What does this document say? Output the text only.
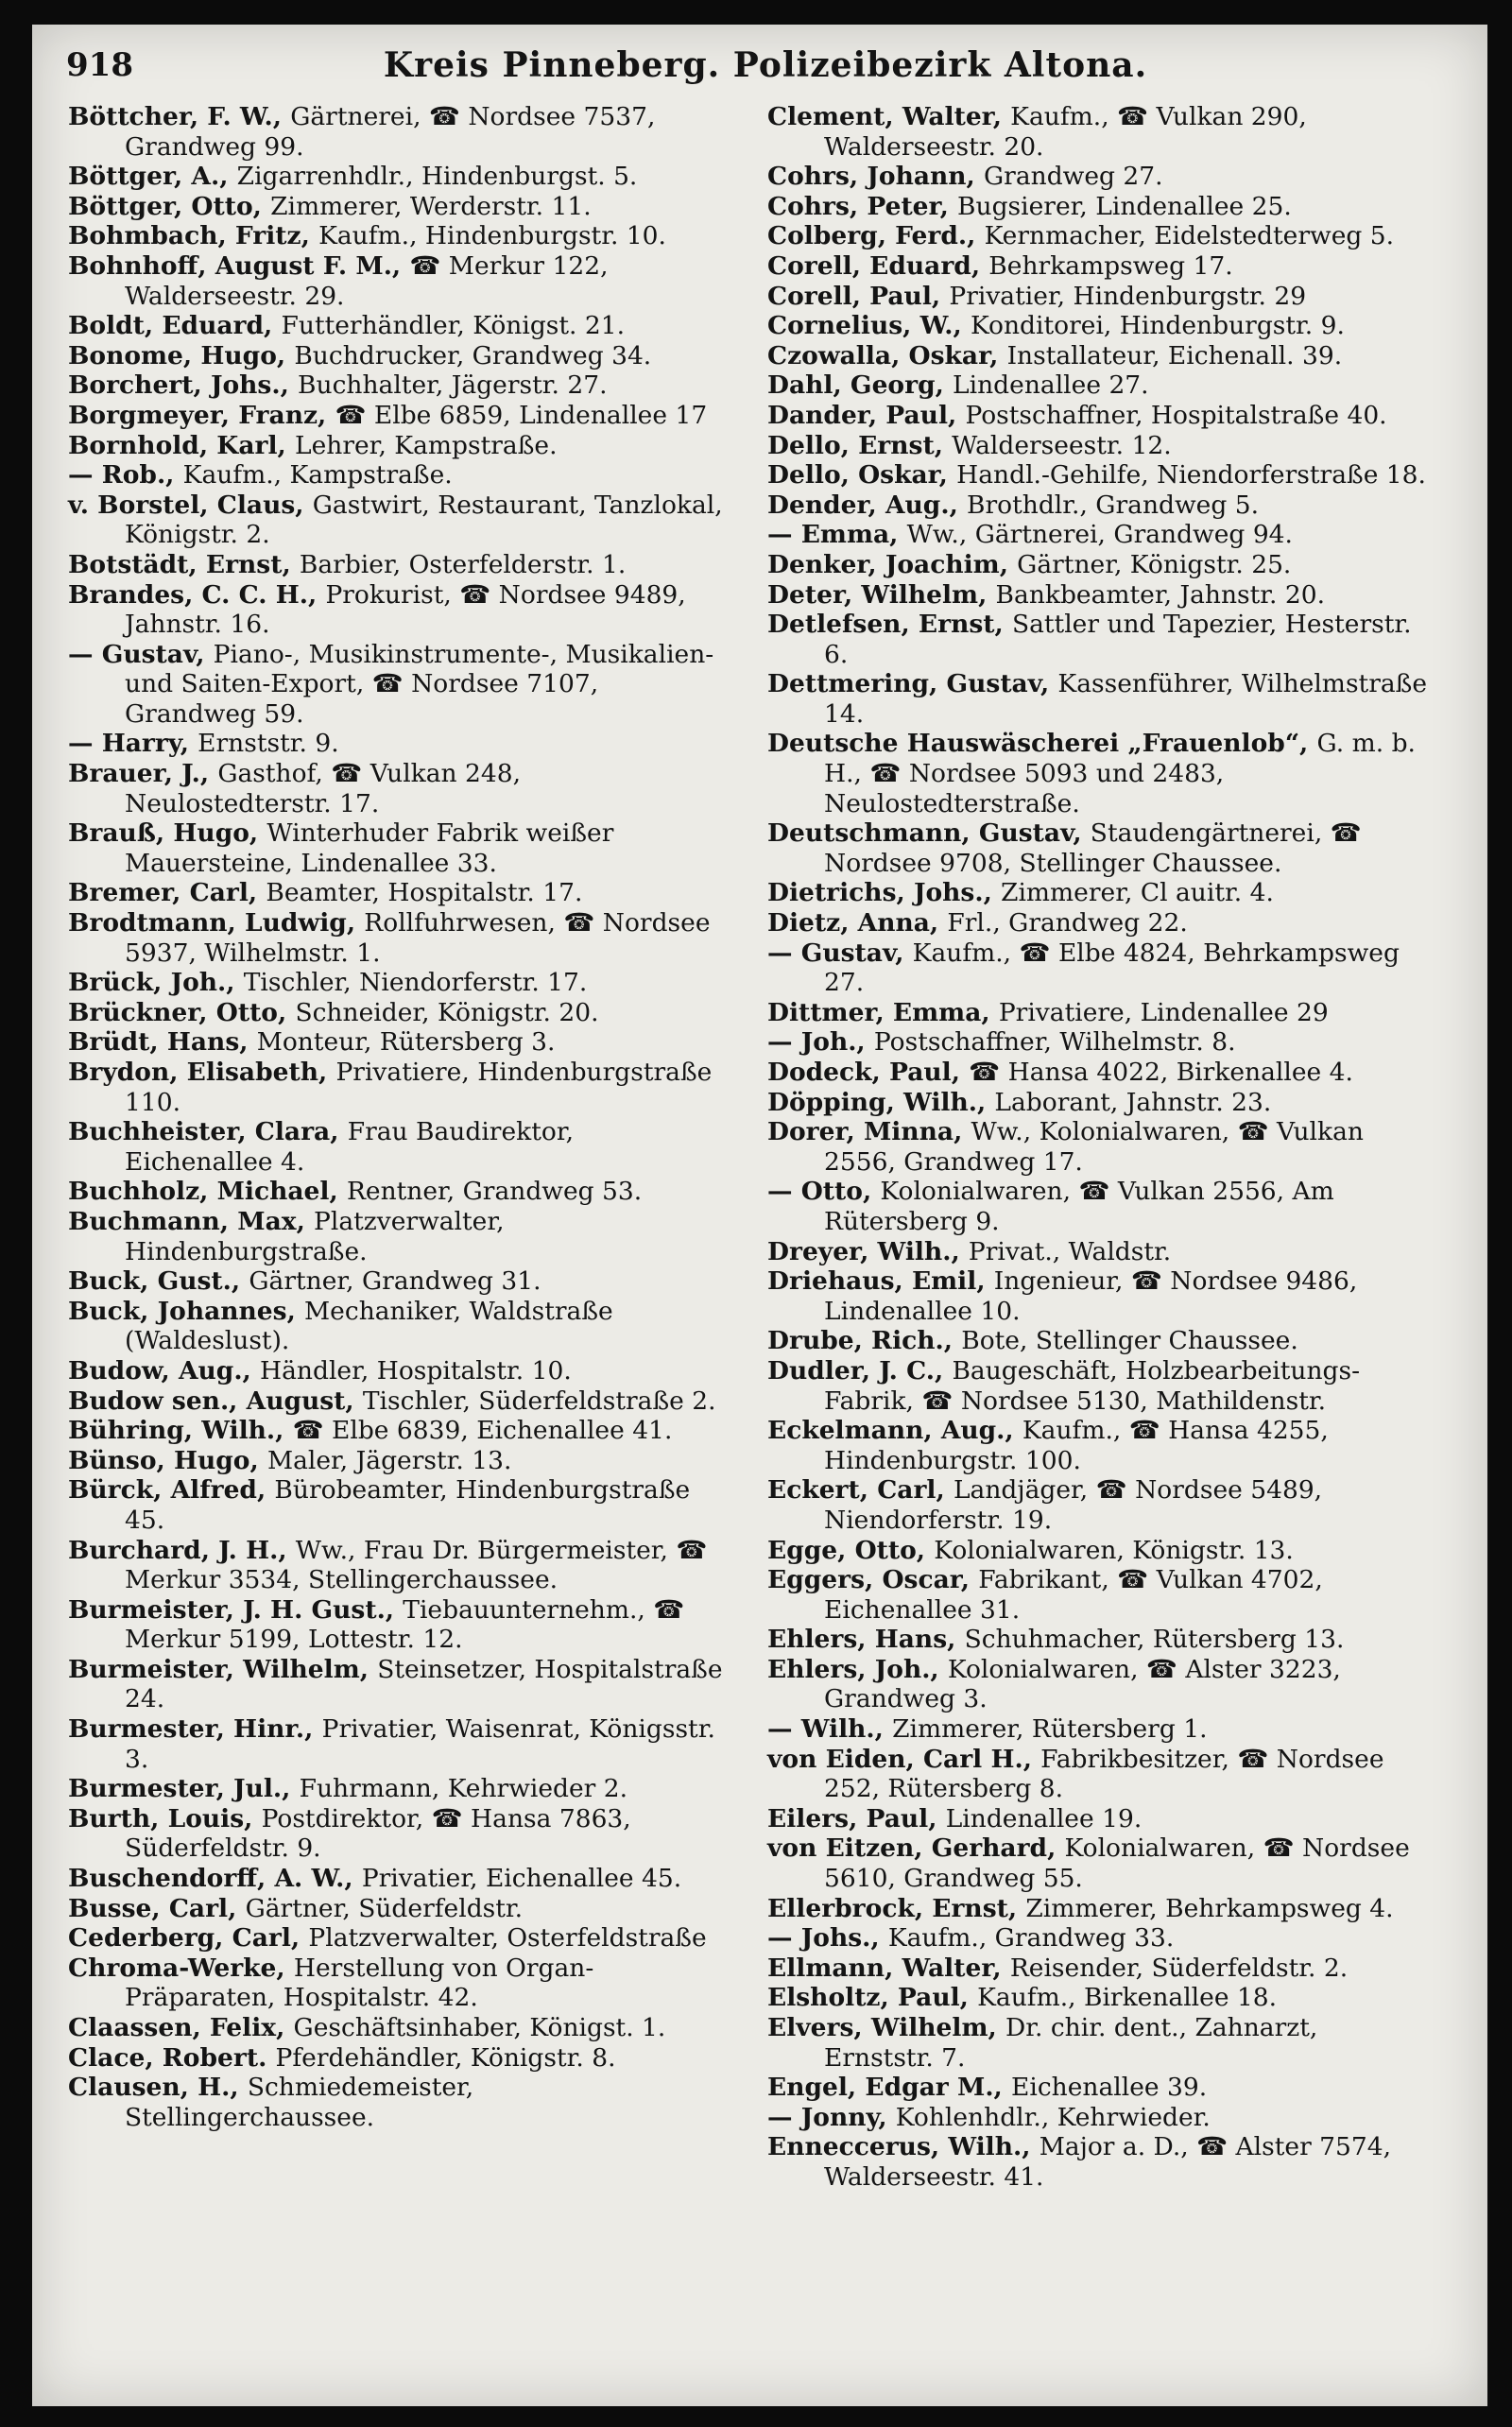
918	Kreis Pinneberg. Polizeibezirk Altona.

Böttcher, F. W., Gärtnerei, ☎ Nordsee 7537, Grandweg 99.

Böttger, A., Zigarrenhdlr., Hindenburgst. 5.

Böttger, Otto, Zimmerer, Werderstr. 11.

Bohmbach, Fritz, Kaufm., Hindenburgstr. 10.

Bohnhoff, August F. M., ☎ Merkur 122, Walderseestr. 29.

Boldt, Eduard, Futterhändler, Königst. 21.

Bonome, Hugo, Buchdrucker, Grandweg 34.

Borchert, Johs., Buchhalter, Jägerstr. 27.

Borgmeyer, Franz, ☎ Elbe 6859, Lindenallee 17

Bornhold, Karl, Lehrer, Kampstraße.

— Rob., Kaufm., Kampstraße.

v. Borstel, Claus, Gastwirt, Restaurant, Tanzlokal, Königstr. 2.

Botstädt, Ernst, Barbier, Osterfelderstr. 1.

Brandes, C. C. H., Prokurist, ☎ Nordsee 9489, Jahnstr. 16.

— Gustav, Piano-, Musikinstrumente-, Musikalien- und Saiten-Export, ☎ Nordsee 7107, Grandweg 59.

— Harry, Ernststr. 9.

Brauer, J., Gasthof, ☎ Vulkan 248, Neulostedterstr. 17.

Brauß, Hugo, Winterhuder Fabrik weißer Mauersteine, Lindenallee 33.

Bremer, Carl, Beamter, Hospitalstr. 17.

Brodtmann, Ludwig, Rollfuhrwesen, ☎ Nordsee 5937, Wilhelmstr. 1.

Brück, Joh., Tischler, Niendorferstr. 17.

Brückner, Otto, Schneider, Königstr. 20.

Brüdt, Hans, Monteur, Rütersberg 3.

Brydon, Elisabeth, Privatiere, Hindenburgstraße 110.

Buchheister, Clara, Frau Baudirektor, Eichenallee 4.

Buchholz, Michael, Rentner, Grandweg 53.

Buchmann, Max, Platzverwalter, Hindenburgstraße.

Buck, Gust., Gärtner, Grandweg 31.

Buck, Johannes, Mechaniker, Waldstraße (Waldeslust).

Budow, Aug., Händler, Hospitalstr. 10.

Budow sen., August, Tischler, Süderfeldstraße 2.

Bühring, Wilh., ☎ Elbe 6839, Eichenallee 41.

Bünso, Hugo, Maler, Jägerstr. 13.

Bürck, Alfred, Bürobeamter, Hindenburgstraße 45.

Burchard, J. H., Ww., Frau Dr. Bürgermeister, ☎ Merkur 3534, Stellingerchaussee.

Burmeister, J. H. Gust., Tiebauunternehm., ☎ Merkur 5199, Lottestr. 12.

Burmeister, Wilhelm, Steinsetzer, Hospitalstraße 24.

Burmester, Hinr., Privatier, Waisenrat, Königsstr. 3.

Burmester, Jul., Fuhrmann, Kehrwieder 2.

Burth, Louis, Postdirektor, ☎ Hansa 7863, Süderfeldstr. 9.

Buschendorff, A. W., Privatier, Eichenallee 45.

Busse, Carl, Gärtner, Süderfeldstr.

Cederberg, Carl, Platzverwalter, Osterfeldstraße

Chroma-Werke, Herstellung von Organ-Präparaten, Hospitalstr. 42.

Claassen, Felix, Geschäftsinhaber, Königst. 1.

Clace, Robert. Pferdehändler, Königstr. 8.

Clausen, H., Schmiedemeister, Stellingerchaussee.

Clement, Walter, Kaufm., ☎ Vulkan 290, Walderseestr. 20.

Cohrs, Johann, Grandweg 27.

Cohrs, Peter, Bugsierer, Lindenallee 25.

Colberg, Ferd., Kernmacher, Eidelstedterweg 5.

Corell, Eduard, Behrkampsweg 17.

Corell, Paul, Privatier, Hindenburgstr. 29

Cornelius, W., Konditorei, Hindenburgstr. 9.

Czowalla, Oskar, Installateur, Eichenall. 39.

Dahl, Georg, Lindenallee 27.

Dander, Paul, Postschaffner, Hospitalstraße 40.

Dello, Ernst, Walderseestr. 12.

Dello, Oskar, Handl.-Gehilfe, Niendorferstraße 18.

Dender, Aug., Brothdlr., Grandweg 5.

— Emma, Ww., Gärtnerei, Grandweg 94.

Denker, Joachim, Gärtner, Königstr. 25.

Deter, Wilhelm, Bankbeamter, Jahnstr. 20.

Detlefsen, Ernst, Sattler und Tapezier, Hesterstr. 6.

Dettmering, Gustav, Kassenführer, Wilhelmstraße 14.

Deutsche Hauswäscherei „Frauenlob“, G. m. b. H., ☎ Nordsee 5093 und 2483, Neulostedterstraße.

Deutschmann, Gustav, Staudengärtnerei, ☎ Nordsee 9708, Stellinger Chaussee.

Dietrichs, Johs., Zimmerer, Cl auitr. 4.

Dietz, Anna, Frl., Grandweg 22.

— Gustav, Kaufm., ☎ Elbe 4824, Behrkampsweg 27.

Dittmer, Emma, Privatiere, Lindenallee 29

— Joh., Postschaffner, Wilhelmstr. 8.

Dodeck, Paul, ☎ Hansa 4022, Birkenallee 4.

Döpping, Wilh., Laborant, Jahnstr. 23.

Dorer, Minna, Ww., Kolonialwaren, ☎ Vulkan 2556, Grandweg 17.

— Otto, Kolonialwaren, ☎ Vulkan 2556, Am Rütersberg 9.

Dreyer, Wilh., Privat., Waldstr.

Driehaus, Emil, Ingenieur, ☎ Nordsee 9486, Lindenallee 10.

Drube, Rich., Bote, Stellinger Chaussee.

Dudler, J. C., Baugeschäft, Holzbearbeitungs-Fabrik, ☎ Nordsee 5130, Mathildenstr.

Eckelmann, Aug., Kaufm., ☎ Hansa 4255, Hindenburgstr. 100.

Eckert, Carl, Landjäger, ☎ Nordsee 5489, Niendorferstr. 19.

Egge, Otto, Kolonialwaren, Königstr. 13.

Eggers, Oscar, Fabrikant, ☎ Vulkan 4702, Eichenallee 31.

Ehlers, Hans, Schuhmacher, Rütersberg 13.

Ehlers, Joh., Kolonialwaren, ☎ Alster 3223, Grandweg 3.

— Wilh., Zimmerer, Rütersberg 1.

von Eiden, Carl H., Fabrikbesitzer, ☎ Nordsee 252, Rütersberg 8.

Eilers, Paul, Lindenallee 19.

von Eitzen, Gerhard, Kolonialwaren, ☎ Nordsee 5610, Grandweg 55.

Ellerbrock, Ernst, Zimmerer, Behrkampsweg 4.

— Johs., Kaufm., Grandweg 33.

Ellmann, Walter, Reisender, Süderfeldstr. 2.

Elsholtz, Paul, Kaufm., Birkenallee 18.

Elvers, Wilhelm, Dr. chir. dent., Zahnarzt, Ernststr. 7.

Engel, Edgar M., Eichenallee 39.

— Jonny, Kohlenhdlr., Kehrwieder.

Enneccerus, Wilh., Major a. D., ☎ Alster 7574, Walderseestr. 41.
